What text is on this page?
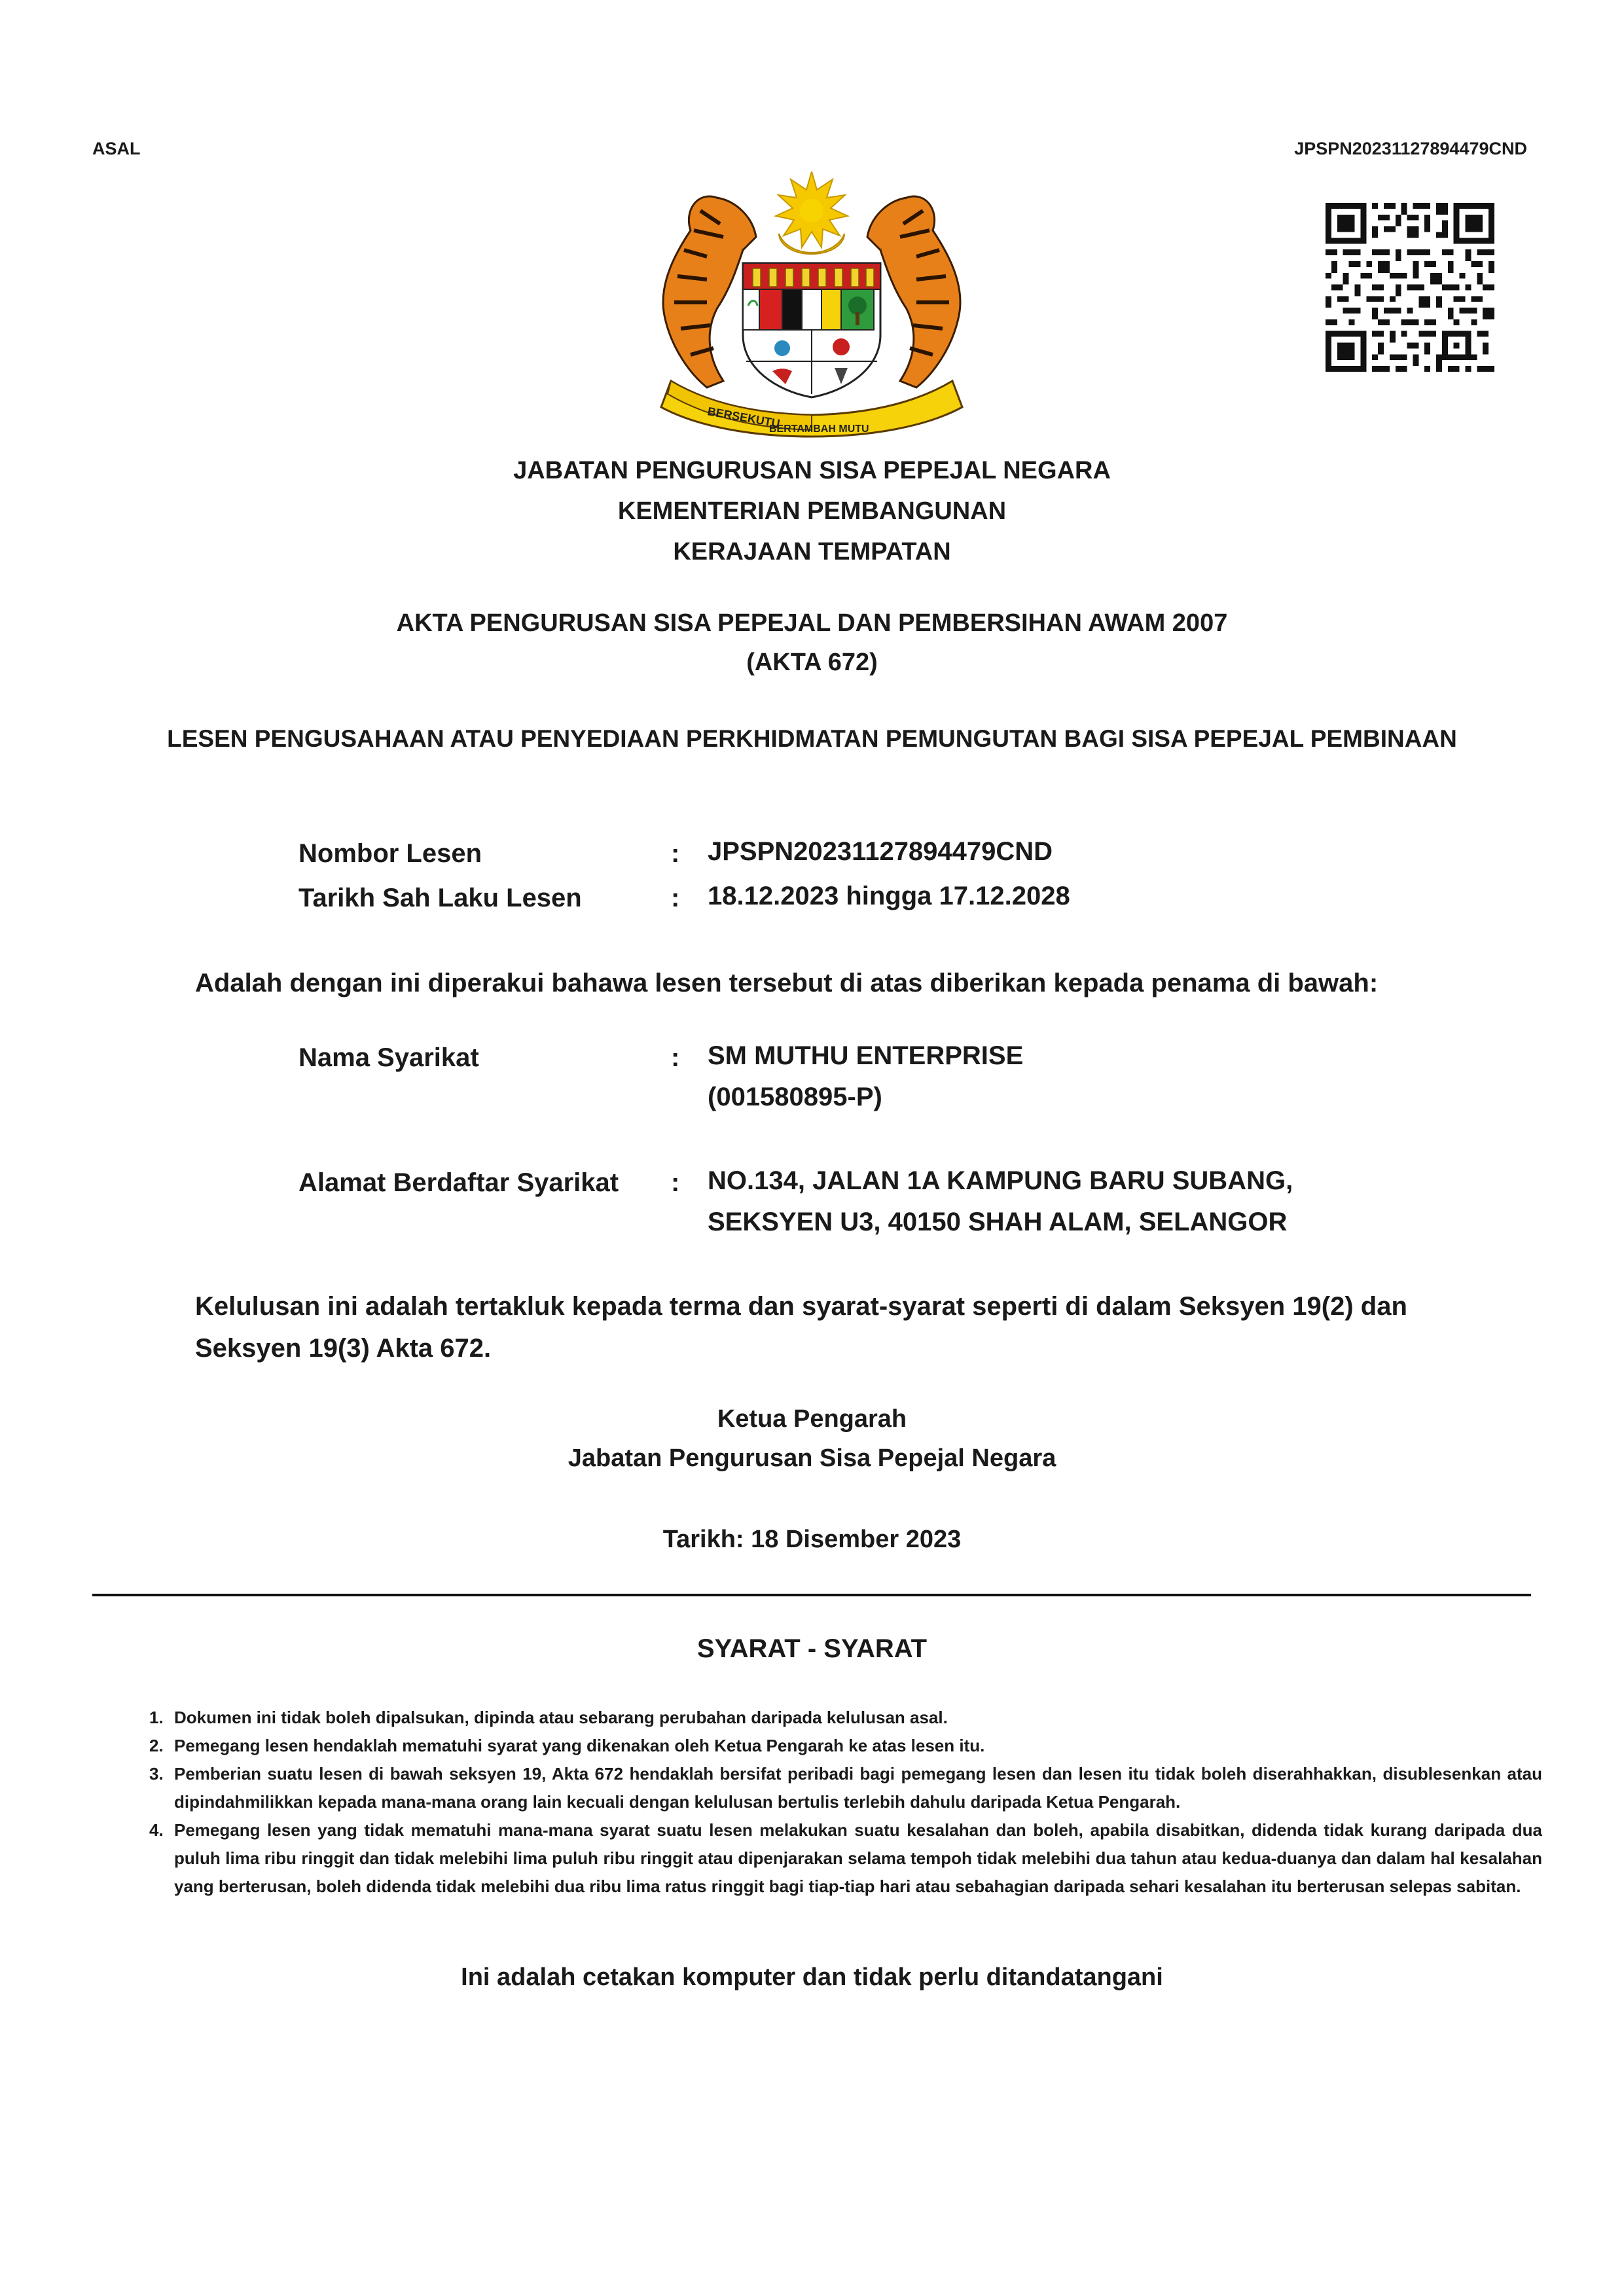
ASAL	JPSPN20231127894479CND
BERSEKUTU
BERTAMBAH MUTU
JABATAN PENGURUSAN SISA PEPEJAL NEGARA
KEMENTERIAN PEMBANGUNAN
KERAJAAN TEMPATAN
AKTA PENGURUSAN SISA PEPEJAL DAN PEMBERSIHAN AWAM 2007
(AKTA 672)
LESEN PENGUSAHAAN ATAU PENYEDIAAN PERKHIDMATAN PEMUNGUTAN BAGI SISA PEPEJAL PEMBINAAN
Nombor Lesen	: JPSPN20231127894479CND
Tarikh Sah Laku Lesen	: 18.12.2023 hingga 17.12.2028
Adalah dengan ini diperakui bahawa lesen tersebut di atas diberikan kepada penama di bawah:
Nama Syarikat	: SM MUTHU ENTERPRISE
(001580895-P)
Alamat Berdaftar Syarikat : NO.134, JALAN 1A KAMPUNG BARU SUBANG,
SEKSYEN U3, 40150 SHAH ALAM, SELANGOR
Kelulusan ini adalah tertakluk kepada terma dan syarat-syarat seperti di dalam Seksyen 19(2) dan
Seksyen 19(3) Akta 672.
Ketua Pengarah
Jabatan Pengurusan Sisa Pepejal Negara
Tarikh: 18 Disember 2023
SYARAT - SYARAT
1. Dokumen ini tidak boleh dipalsukan, dipinda atau sebarang perubahan daripada kelulusan asal.
2. Pemegang lesen hendaklah mematuhi syarat yang dikenakan oleh Ketua Pengarah ke atas lesen itu.
3. Pemberian suatu lesen di bawah seksyen 19, Akta 672 hendaklah bersifat peribadi bagi pemegang lesen dan lesen itu tidak boleh diserahhakkan, disublesenkan atau dipindahmilikkan kepada mana-mana orang lain kecuali dengan kelulusan bertulis terlebih dahulu daripada Ketua Pengarah.
4. Pemegang lesen yang tidak mematuhi mana-mana syarat suatu lesen melakukan suatu kesalahan dan boleh, apabila disabitkan, didenda tidak kurang daripada dua puluh lima ribu ringgit dan tidak melebihi lima puluh ribu ringgit atau dipenjarakan selama tempoh tidak melebihi dua tahun atau kedua-duanya dan dalam hal kesalahan yang berterusan, boleh didenda tidak melebihi dua ribu lima ratus ringgit bagi tiap-tiap hari atau sebahagian daripada sehari kesalahan itu berterusan selepas sabitan.
Ini adalah cetakan komputer dan tidak perlu ditandatangani
